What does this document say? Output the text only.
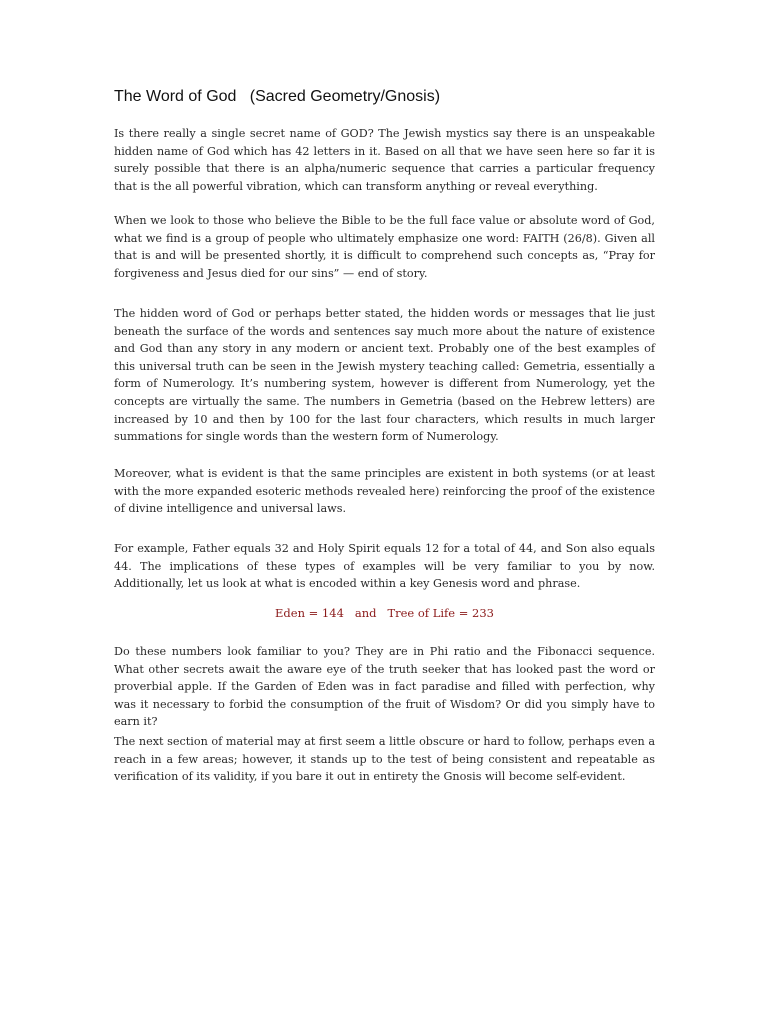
The Word of God   (Sacred Geometry/Gnosis)

Is there really a single secret name of GOD? The Jewish mystics say there is an unspeakable hidden name of God which has 42 letters in it. Based on all that we have seen here so far it is surely possible that there is an alpha/numeric sequence that carries a particular frequency that is the all powerful vibration, which can transform anything or reveal everything.

When we look to those who believe the Bible to be the full face value or absolute word of God, what we find is a group of people who ultimately emphasize one word: FAITH (26/8). Given all that is and will be presented shortly, it is difficult to comprehend such concepts as, “Pray for forgiveness and Jesus died for our sins” — end of story.

The hidden word of God or perhaps better stated, the hidden words or messages that lie just beneath the surface of the words and sentences say much more about the nature of existence and God than any story in any modern or ancient text. Probably one of the best examples of this universal truth can be seen in the Jewish mystery teaching called: Gemetria, essentially a form of Numerology. It’s numbering system, however is different from Numerology, yet the concepts are virtually the same. The numbers in Gemetria (based on the Hebrew letters) are increased by 10 and then by 100 for the last four characters, which results in much larger summations for single words than the western form of Numerology.

Moreover, what is evident is that the same principles are existent in both systems (or at least with the more expanded esoteric methods revealed here) reinforcing the proof of the existence of divine intelligence and universal laws.

For example, Father equals 32 and Holy Spirit equals 12 for a total of 44, and Son also equals 44. The implications of these types of examples will be very familiar to you by now. Additionally, let us look at what is encoded within a key Genesis word and phrase.

Eden = 144   and   Tree of Life = 233

Do these numbers look familiar to you? They are in Phi ratio and the Fibonacci sequence. What other secrets await the aware eye of the truth seeker that has looked past the word or proverbial apple. If the Garden of Eden was in fact paradise and filled with perfection, why was it necessary to forbid the consumption of the fruit of Wisdom? Or did you simply have to earn it?

The next section of material may at first seem a little obscure or hard to follow, perhaps even a reach in a few areas; however, it stands up to the test of being consistent and repeatable as verification of its validity, if you bare it out in entirety the Gnosis will become self-evident.
